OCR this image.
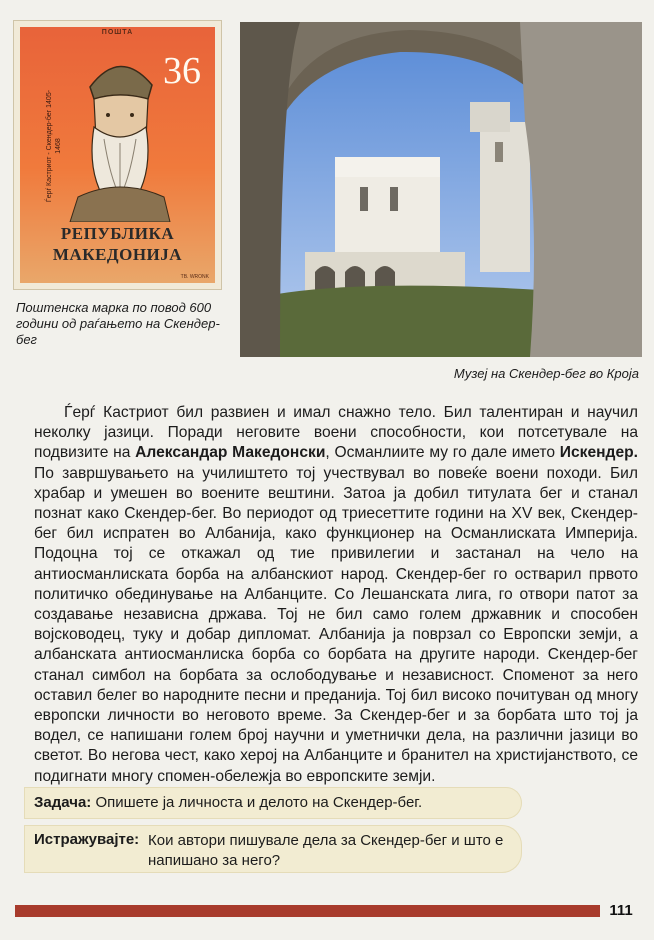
ПОШТА
36
Ѓерѓ Кастриот - Скендер-бег 1405-1468
РЕПУБЛИКА
МАКЕДОНИЈА
TB. WRONK
Поштенска марка по повод 600 години од раѓањето на Скендер-бег
Музеј на Скендер-бег во Крoја

Ѓерѓ Кастриот бил развиен и имал снажно тело. Бил талентиран и научил неколку јазици. Поради неговите воени способности, кои потсетувале на подвизите на Александар Македонски, Османлиите му го дале името Искендер. По завршувањето на училиштето тој учествувал во повеќе воени походи. Бил храбар и умешен во воените вештини. Затоа ја добил титулата бег и станал познат како Скендер-бег. Во периодот од триесеттите години на XV век, Скендер-бег бил испратен во Албанија, како функционер на Османлиската Империја. Подоцна тој се откажал од тие привилегии и застанал на чело на антиосманлиската борба на албанскиот народ. Скендер-бег го остварил првото политичко обединување на Албанците. Со Лешанската лига, го отвори патот за создавање независна држава. Тој не бил само голем државник и способен војсководец, туку и добар дипломат. Албанија ја поврзал со Европски земји, а албанската антиосманлиска борба со борбата на другите народи. Скендер-бег станал симбол на борбата за ослободување и независност. Споменот за него оставил белег во народните песни и преданија. Тој бил високо почитуван од многу европски личности во неговото време. За Скендер-бег и за борбата што тој ја водел, се напишани голем број научни и уметнички дела, на различни јазици во светот. Во негова чест, како херој на Албанците и бранител на христијанството, се подигнати многу спомен-обележја во европските земји.

Задача: Опишете ја личноста и делото на Скендер-бег.
Истражувајте: Кои автори пишувале дела за Скендер-бег и што е напишано за него?
111
